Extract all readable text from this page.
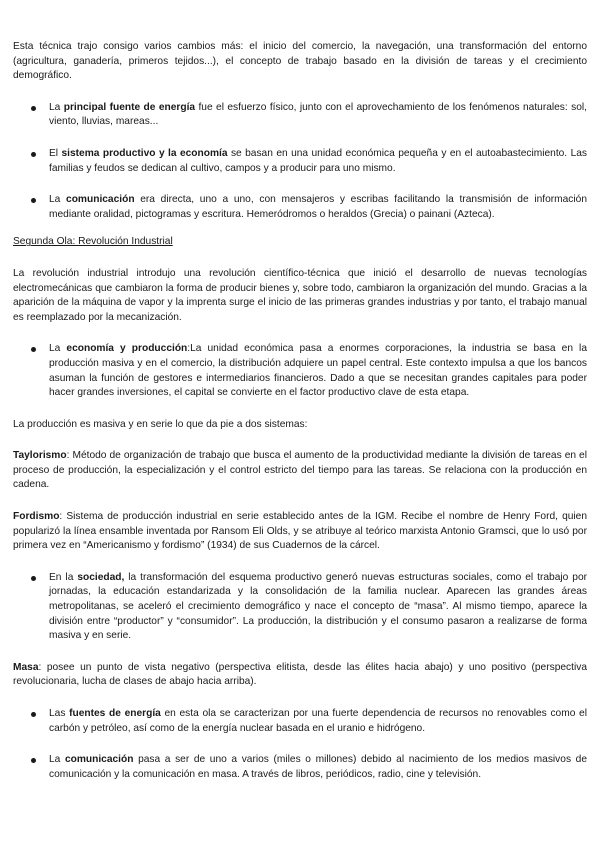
Esta técnica trajo consigo varios cambios más: el inicio del comercio, la navegación, una transformación del entorno (agricultura, ganadería, primeros tejidos...), el concepto de trabajo basado en la división de tareas y el crecimiento demográfico.

La principal fuente de energía fue el esfuerzo físico, junto con el aprovechamiento de los fenómenos naturales: sol, viento, lluvias, mareas...
El sistema productivo y la economía se basan en una unidad económica pequeña y en el autoabastecimiento. Las familias y feudos se dedican al cultivo, campos y a producir para uno mismo.
La comunicación era directa, uno a uno, con mensajeros y escribas facilitando la transmisión de información mediante oralidad, pictogramas y escritura. Hemeródromos o heraldos (Grecia) o painani (Azteca).

Segunda Ola: Revolución Industrial

La revolución industrial introdujo una revolución científico-técnica que inició el desarrollo de nuevas tecnologías electromecánicas que cambiaron la forma de producir bienes y, sobre todo, cambiaron la organización del mundo. Gracias a la aparición de la máquina de vapor y la imprenta surge el inicio de las primeras grandes industrias y por tanto, el trabajo manual es reemplazado por la mecanización.

La economía y producción:La unidad económica pasa a enormes corporaciones, la industria se basa en la producción masiva y en el comercio, la distribución adquiere un papel central. Este contexto impulsa a que los bancos asuman la función de gestores e intermediarios financieros. Dado a que se necesitan grandes capitales para poder hacer grandes inversiones, el capital se convierte en el factor productivo clave de esta etapa.

La producción es masiva y en serie lo que da pie a dos sistemas:

Taylorismo: Método de organización de trabajo que busca el aumento de la productividad mediante la división de tareas en el proceso de producción, la especialización y el control estricto del tiempo para las tareas. Se relaciona con la producción en cadena.

Fordismo: Sistema de producción industrial en serie establecido antes de la IGM. Recibe el nombre de Henry Ford, quien popularizó la línea ensamble inventada por Ransom Eli Olds, y se atribuye al teórico marxista Antonio Gramsci, que lo usó por primera vez en “Americanismo y fordismo” (1934) de sus Cuadernos de la cárcel.

En la sociedad, la transformación del esquema productivo generó nuevas estructuras sociales, como el trabajo por jornadas, la educación estandarizada y la consolidación de la familia nuclear. Aparecen las grandes áreas metropolitanas, se aceleró el crecimiento demográfico y nace el concepto de “masa”. Al mismo tiempo, aparece la división entre “productor” y “consumidor”. La producción, la distribución y el consumo pasaron a realizarse de forma masiva y en serie.

Masa: posee un punto de vista negativo (perspectiva elitista, desde las élites hacia abajo) y uno positivo (perspectiva revolucionaria, lucha de clases de abajo hacia arriba).

Las fuentes de energía en esta ola se caracterizan por una fuerte dependencia de recursos no renovables como el carbón y petróleo, así como de la energía nuclear basada en el uranio e hidrógeno.
La comunicación pasa a ser de uno a varios (miles o millones) debido al nacimiento de los medios masivos de comunicación y la comunicación en masa. A través de libros, periódicos, radio, cine y televisión.
